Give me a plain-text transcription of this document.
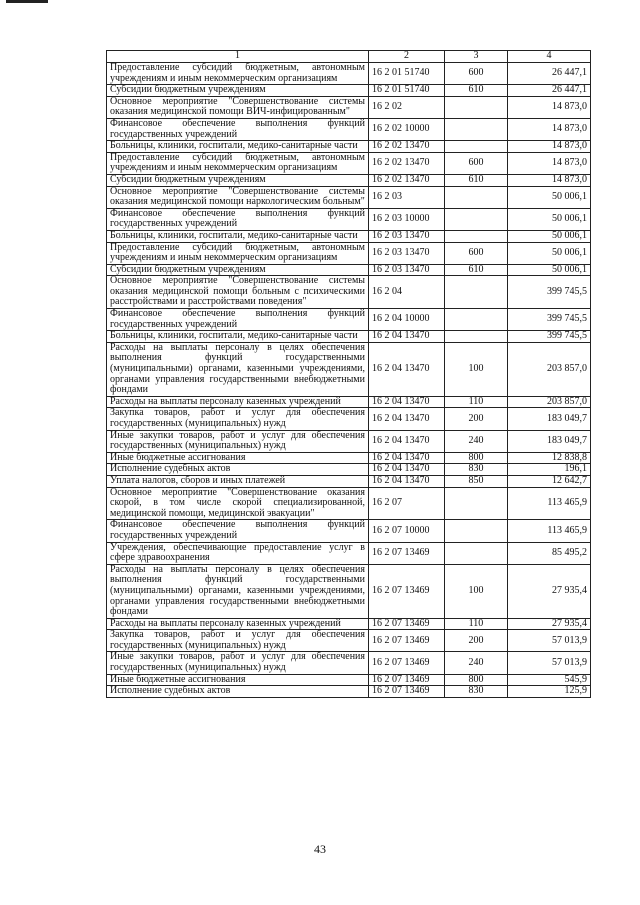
1	2	3	4
Предоставление субсидий бюджетным, автономным учреждениям и иным некоммерческим организациям	16 2 01 51740	600	26 447,1
Субсидии бюджетным учреждениям	16 2 01 51740	610	26 447,1
Основное мероприятие "Совершенствование системы оказания медицинской помощи ВИЧ-инфицированным"	16 2 02		14 873,0
Финансовое обеспечение выполнения функций государственных учреждений	16 2 02 10000		14 873,0
Больницы, клиники, госпитали, медико-санитарные части	16 2 02 13470		14 873,0
Предоставление субсидий бюджетным, автономным учреждениям и иным некоммерческим организациям	16 2 02 13470	600	14 873,0
Субсидии бюджетным учреждениям	16 2 02 13470	610	14 873,0
Основное мероприятие "Совершенствование системы оказания медицинской помощи наркологическим больным"	16 2 03		50 006,1
Финансовое обеспечение выполнения функций государственных учреждений	16 2 03 10000		50 006,1
Больницы, клиники, госпитали, медико-санитарные части	16 2 03 13470		50 006,1
Предоставление субсидий бюджетным, автономным учреждениям и иным некоммерческим организациям	16 2 03 13470	600	50 006,1
Субсидии бюджетным учреждениям	16 2 03 13470	610	50 006,1
Основное мероприятие "Совершенствование системы оказания медицинской помощи больным с психическими расстройствами и расстройствами поведения"	16 2 04		399 745,5
Финансовое обеспечение выполнения функций государственных учреждений	16 2 04 10000		399 745,5
Больницы, клиники, госпитали, медико-санитарные части	16 2 04 13470		399 745,5
Расходы на выплаты персоналу в целях обеспечения выполнения функций государственными (муниципальными) органами, казенными учреждениями, органами управления государственными внебюджетными фондами	16 2 04 13470	100	203 857,0
Расходы на выплаты персоналу казенных учреждений	16 2 04 13470	110	203 857,0
Закупка товаров, работ и услуг для обеспечения государственных (муниципальных) нужд	16 2 04 13470	200	183 049,7
Иные закупки товаров, работ и услуг для обеспечения государственных (муниципальных) нужд	16 2 04 13470	240	183 049,7
Иные бюджетные ассигнования	16 2 04 13470	800	12 838,8
Исполнение судебных актов	16 2 04 13470	830	196,1
Уплата налогов, сборов и иных платежей	16 2 04 13470	850	12 642,7
Основное мероприятие "Совершенствование оказания скорой, в том числе скорой специализированной, медицинской помощи, медицинской эвакуации"	16 2 07		113 465,9
Финансовое обеспечение выполнения функций государственных учреждений	16 2 07 10000		113 465,9
Учреждения, обеспечивающие предоставление услуг в сфере здравоохранения	16 2 07 13469		85 495,2
Расходы на выплаты персоналу в целях обеспечения выполнения функций государственными (муниципальными) органами, казенными учреждениями, органами управления государственными внебюджетными фондами	16 2 07 13469	100	27 935,4
Расходы на выплаты персоналу казенных учреждений	16 2 07 13469	110	27 935,4
Закупка товаров, работ и услуг для обеспечения государственных (муниципальных) нужд	16 2 07 13469	200	57 013,9
Иные закупки товаров, работ и услуг для обеспечения государственных (муниципальных) нужд	16 2 07 13469	240	57 013,9
Иные бюджетные ассигнования	16 2 07 13469	800	545,9
Исполнение судебных актов	16 2 07 13469	830	125,9
43
